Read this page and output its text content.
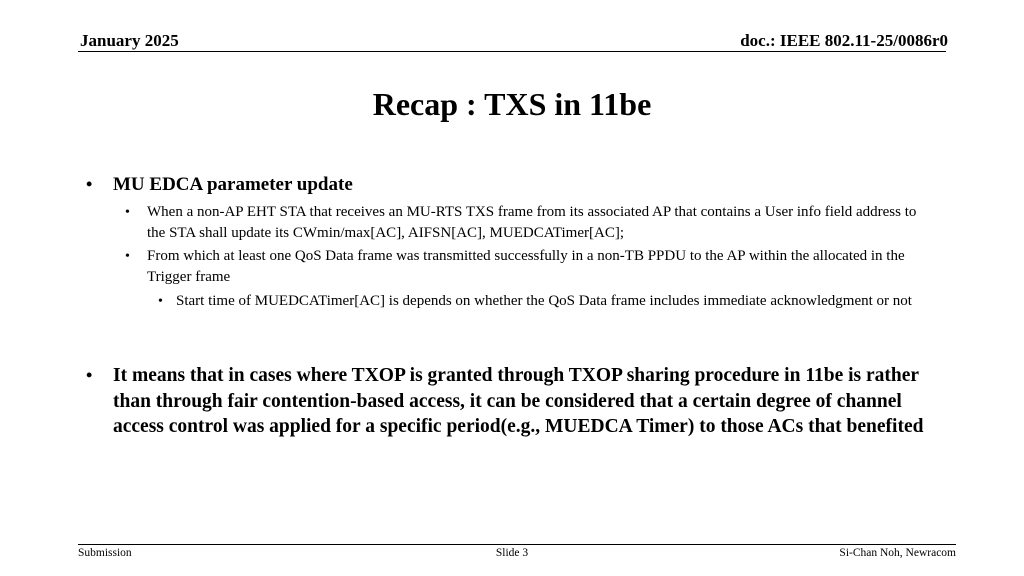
January 2025	doc.: IEEE 802.11-25/0086r0
Recap : TXS in 11be
• MU EDCA parameter update
• When a non-AP EHT STA that receives an MU-RTS TXS frame from its associated AP that contains a User info field address to the STA shall update its CWmin/max[AC], AIFSN[AC], MUEDCATimer[AC];
• From which at least one QoS Data frame was transmitted successfully in a non-TB PPDU to the AP within the allocated in the Trigger frame
• Start time of MUEDCATimer[AC] is depends on whether the QoS Data frame includes immediate acknowledgment or not
• It means that in cases where TXOP is granted through TXOP sharing procedure in 11be is rather than through fair contention-based access, it can be considered that a certain degree of channel access control was applied for a specific period(e.g., MUEDCA Timer) to those ACs that benefited
Submission	Slide 3	Si-Chan Noh, Newracom
